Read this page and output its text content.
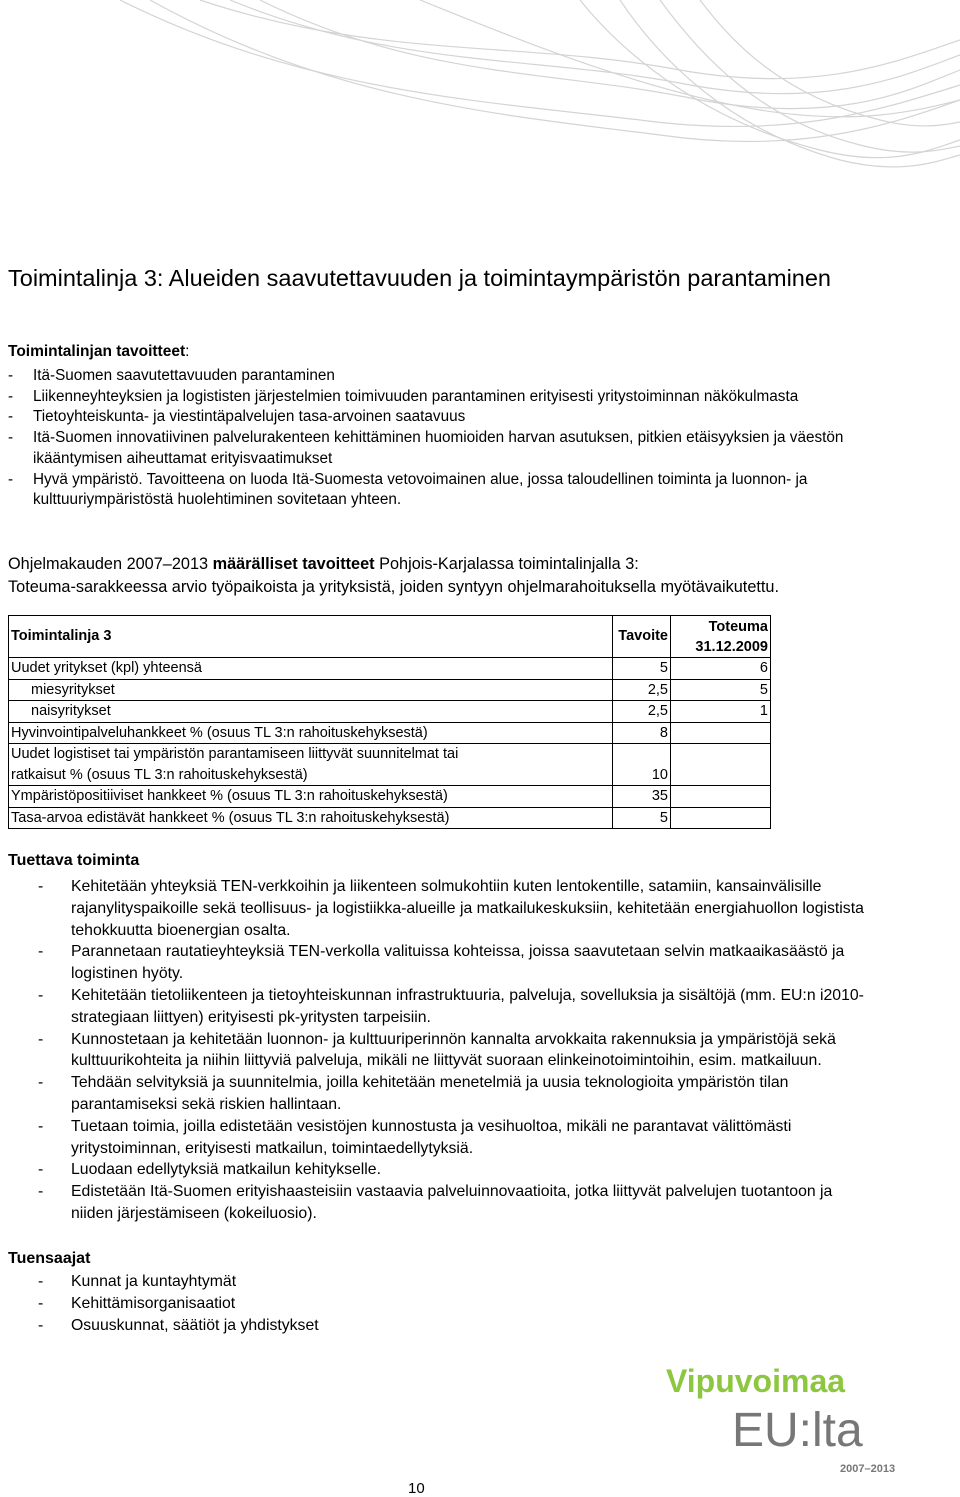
Toimintalinja 3: Alueiden saavutettavuuden ja toimintaympäristön parantaminen
Toimintalinjan tavoitteet:
- Itä-Suomen saavutettavuuden parantaminen
- Liikenneyhteyksien ja logististen järjestelmien toimivuuden parantaminen erityisesti yritystoiminnan näkökulmasta
- Tietoyhteiskunta- ja viestintäpalvelujen tasa-arvoinen saatavuus
- Itä-Suomen innovatiivinen palvelurakenteen kehittäminen huomioiden harvan asutuksen, pitkien etäisyyksien ja väestön ikääntymisen aiheuttamat erityisvaatimukset
- Hyvä ympäristö. Tavoitteena on luoda Itä-Suomesta vetovoimainen alue, jossa taloudellinen toiminta ja luonnon- ja kulttuuriympäristöstä huolehtiminen sovitetaan yhteen.

Ohjelmakauden 2007–2013 määrälliset tavoitteet Pohjois-Karjalassa toimintalinjalla 3:

Toteuma-sarakkeessa arvio työpaikoista ja yrityksistä, joiden syntyyn ohjelmarahoituksella myötävaikutettu.

Toimintalinja 3	Tavoite	Toteuma
31.12.2009

Uudet yritykset (kpl) yhteensä	5	6
miesyritykset	2,5	5
naisyritykset	2,5	1
Hyvinvointipalveluhankkeet % (osuus TL 3:n rahoituskehyksestä)	8	

Uudet logistiset tai ympäristön parantamiseen liittyvät suunnitelmat tai
ratkaisut % (osuus TL 3:n rahoituskehyksestä)	10	
Ympäristöpositiiviset hankkeet % (osuus TL 3:n rahoituskehyksestä)	35	
Tasa-arvoa edistävät hankkeet % (osuus TL 3:n rahoituskehyksestä)	5	
Tuettava toiminta
- Kehitetään yhteyksiä TEN-verkkoihin ja liikenteen solmukohtiin kuten lentokentille, satamiin, kansainvälisille rajanylityspaikoille sekä teollisuus- ja logistiikka-alueille ja matkailukeskuksiin, kehitetään energiahuollon logistista tehokkuutta bioenergian osalta.
- Parannetaan rautatieyhteyksiä TEN-verkolla valituissa kohteissa, joissa saavutetaan selvin matkaaikasäästö ja logistinen hyöty.
- Kehitetään tietoliikenteen ja tietoyhteiskunnan infrastruktuuria, palveluja, sovelluksia ja sisältöjä (mm. EU:n i2010-strategiaan liittyen) erityisesti pk-yritysten tarpeisiin.
- Kunnostetaan ja kehitetään luonnon- ja kulttuuriperinnön kannalta arvokkaita rakennuksia ja ympäristöjä sekä kulttuurikohteita ja niihin liittyviä palveluja, mikäli ne liittyvät suoraan elinkeinotoimintoihin, esim. matkailuun.
- Tehdään selvityksiä ja suunnitelmia, joilla kehitetään menetelmiä ja uusia teknologioita ympäristön tilan parantamiseksi sekä riskien hallintaan.
- Tuetaan toimia, joilla edistetään vesistöjen kunnostusta ja vesihuoltoa, mikäli ne parantavat välittömästi yritystoiminnan, erityisesti matkailun, toimintaedellytyksiä.
- Luodaan edellytyksiä matkailun kehitykselle.
- Edistetään Itä-Suomen erityishaasteisiin vastaavia palveluinnovaatioita, jotka liittyvät palvelujen tuotantoon ja niiden järjestämiseen (kokeiluosio).
Tuensaajat
- Kunnat ja kuntayhtymät
- Kehittämisorganisaatiot
- Osuuskunnat, säätiöt ja yhdistykset
Vipuvoimaa
EU:lta
2007–2013
10
